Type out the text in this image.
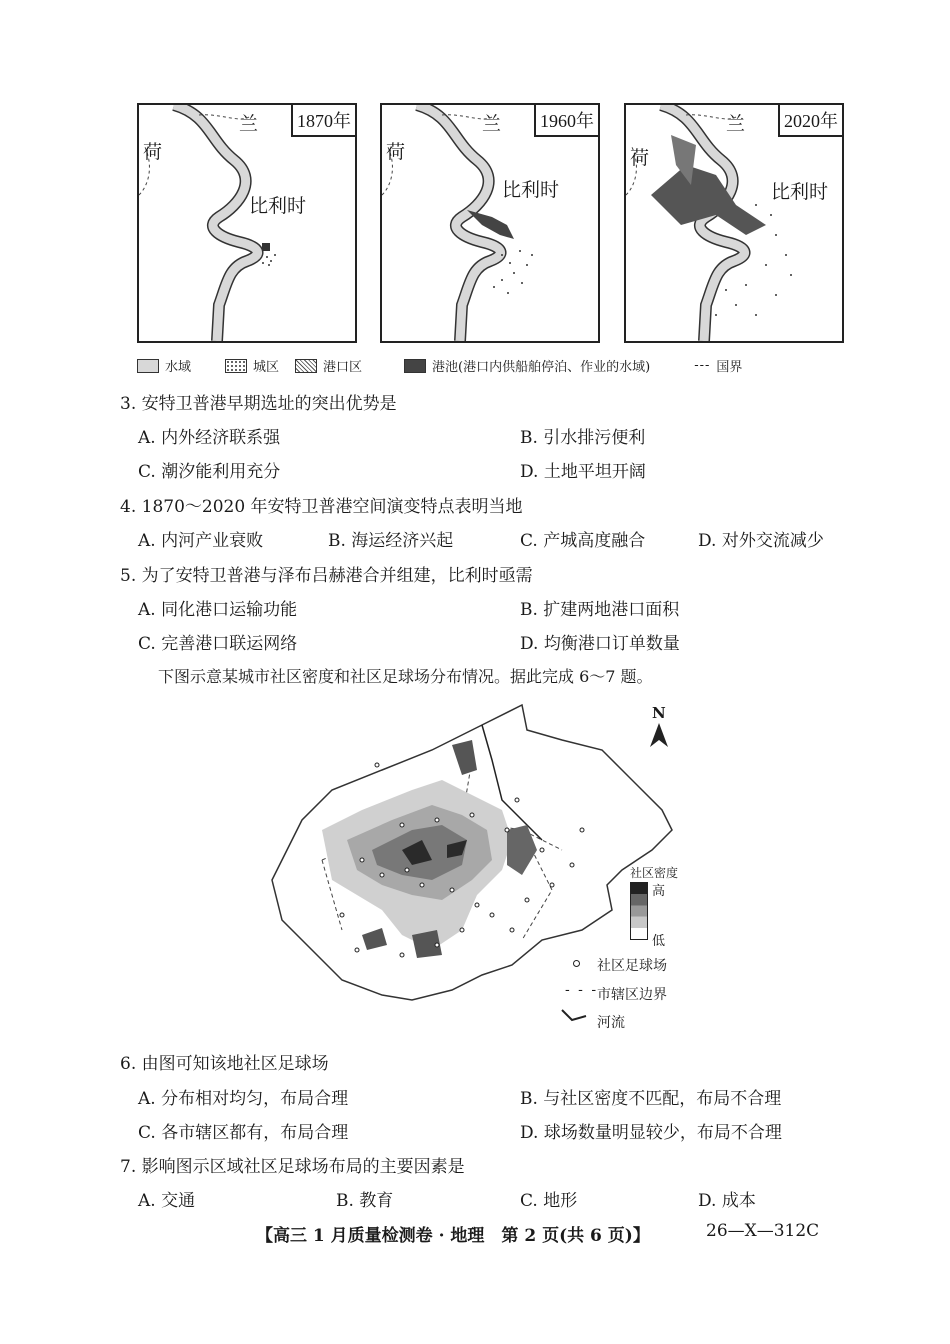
1870年
兰
荷
比利时
1960年
兰
荷
比利时
2020年
兰
荷
比利时
水域	城区	港口区	港池(港口内供船舶停泊、作业的水域)	--- 国界
3. 安特卫普港早期选址的突出优势是
A. 内外经济联系强	B. 引水排污便利
C. 潮汐能利用充分	D. 土地平坦开阔
4. 1870～2020 年安特卫普港空间演变特点表明当地
A. 内河产业衰败	B. 海运经济兴起	C. 产城高度融合	D. 对外交流减少
5. 为了安特卫普港与泽布吕赫港合并组建，比利时亟需
A. 同化港口运输功能	B. 扩建两地港口面积
C. 完善港口联运网络	D. 均衡港口订单数量
下图示意某城市社区密度和社区足球场分布情况。据此完成 6～7 题。
N
社区密度
高
低
社区足球场
- - -
市辖区边界
河流
6. 由图可知该地社区足球场
A. 分布相对均匀，布局合理	B. 与社区密度不匹配，布局不合理
C. 各市辖区都有，布局合理	D. 球场数量明显较少，布局不合理
7. 影响图示区域社区足球场布局的主要因素是
A. 交通	B. 教育	C. 地形	D. 成本
【高三 1 月质量检测卷 · 地理　第 2 页(共 6 页)】	26—X—312C
